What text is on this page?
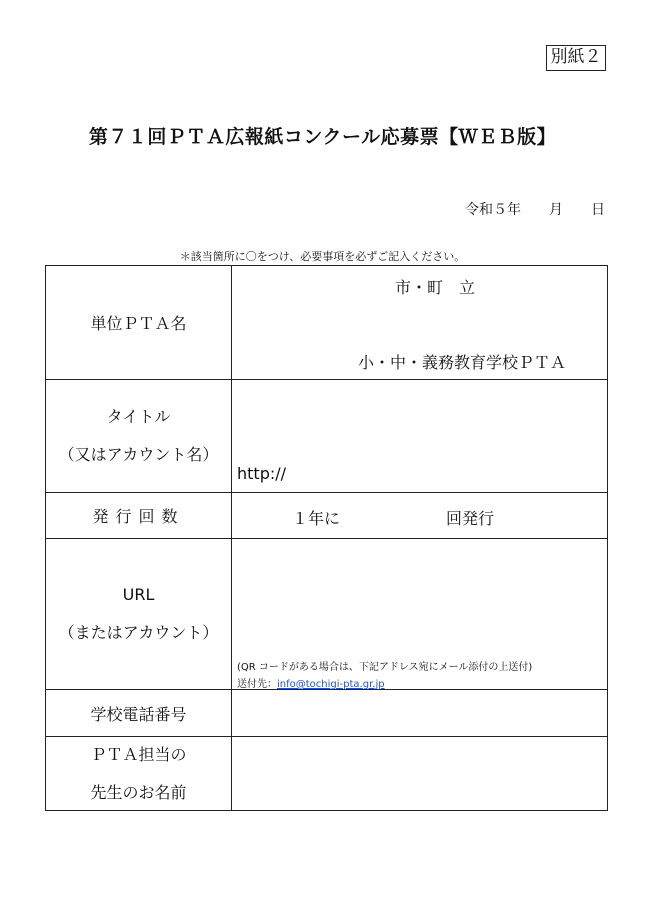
別紙２
第７１回ＰＴＡ広報紙コンクール応募票【ＷＥＢ版】
令和５年　　月　　日
＊該当箇所に〇をつけ、必要事項を必ずご記入ください。
単位ＰＴＡ名
市・町　立
小・中・義務教育学校ＰＴＡ
タイトル
（又はアカウント名）
http://
発行回数	１年に	回発行
URL
（またはアカウント）
(QR コードがある場合は、下記アドレス宛にメール添付の上送付)
送付先：info@tochigi-pta.gr.jp
学校電話番号
ＰＴＡ担当の
先生のお名前
